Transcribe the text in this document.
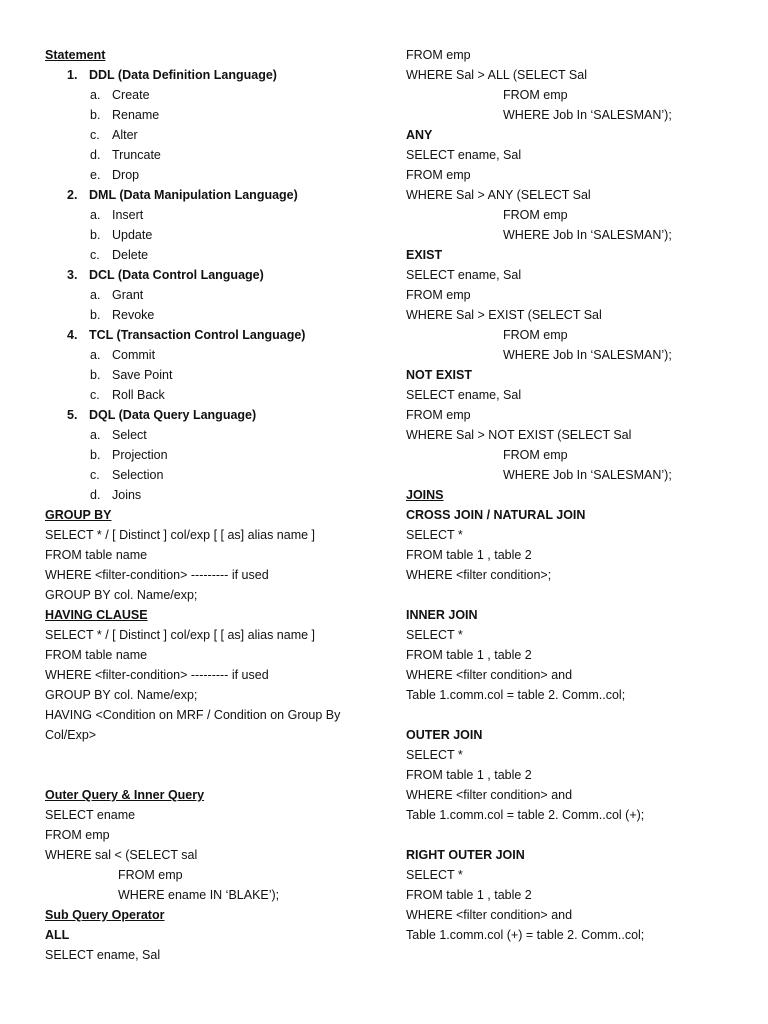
Statement
1. DDL (Data Definition Language)
a. Create
b. Rename
c. Alter
d. Truncate
e. Drop
2. DML (Data Manipulation Language)
a. Insert
b. Update
c. Delete
3. DCL (Data Control Language)
a. Grant
b. Revoke
4. TCL (Transaction Control Language)
a. Commit
b. Save Point
c. Roll Back
5. DQL (Data Query Language)
a. Select
b. Projection
c. Selection
d. Joins
GROUP BY
SELECT * / [ Distinct ] col/exp [ [ as] alias name ]
FROM table name
WHERE <filter-condition> --------- if used
GROUP BY col. Name/exp;
HAVING CLAUSE
SELECT * / [ Distinct ] col/exp [ [ as] alias name ]
FROM table name
WHERE <filter-condition> --------- if used
GROUP BY col. Name/exp;
HAVING <Condition on MRF / Condition on Group By Col/Exp>
Outer Query & Inner Query
SELECT ename
FROM emp
WHERE sal < (SELECT sal
FROM emp
WHERE ename IN ‘BLAKE’);
Sub Query Operator
ALL
SELECT ename, Sal
FROM emp
WHERE Sal > ALL (SELECT Sal
FROM emp
WHERE Job In ‘SALESMAN’);
ANY
SELECT ename, Sal
FROM emp
WHERE Sal > ANY (SELECT Sal
FROM emp
WHERE Job In ‘SALESMAN’);
EXIST
SELECT ename, Sal
FROM emp
WHERE Sal > EXIST (SELECT Sal
FROM emp
WHERE Job In ‘SALESMAN’);
NOT EXIST
SELECT ename, Sal
FROM emp
WHERE Sal > NOT EXIST (SELECT Sal
FROM emp
WHERE Job In ‘SALESMAN’);
JOINS
CROSS JOIN / NATURAL JOIN
SELECT *
FROM table 1 , table 2
WHERE <filter condition>;
INNER JOIN
SELECT *
FROM table 1 , table 2
WHERE <filter condition> and
Table 1.comm.col = table 2. Comm..col;
OUTER JOIN
SELECT *
FROM table 1 , table 2
WHERE <filter condition> and
Table 1.comm.col = table 2. Comm..col (+);
RIGHT OUTER JOIN
SELECT *
FROM table 1 , table 2
WHERE <filter condition> and
Table 1.comm.col (+) = table 2. Comm..col;
